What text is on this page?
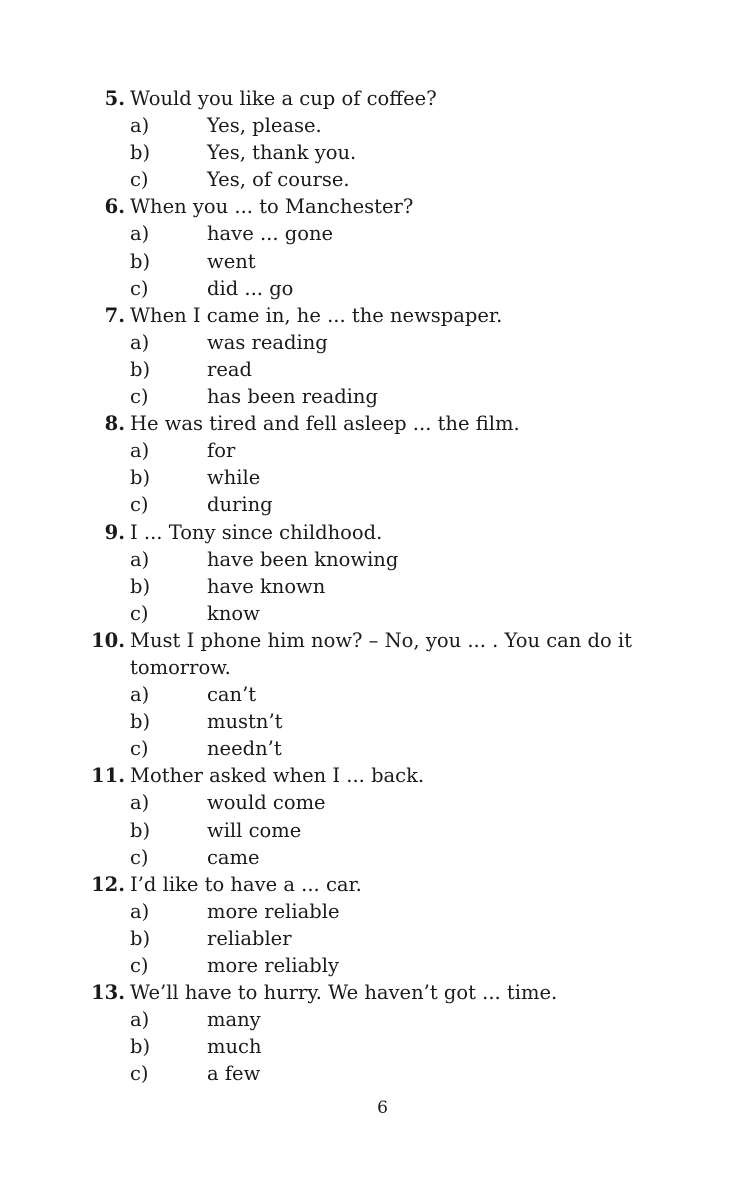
5. Would you like a cup of coffee?
a)	Yes, please.
b)	Yes, thank you.
c)	Yes, of course.
6. When you ... to Manchester?
a)	have ... gone
b)	went
c)	did ... go
7. When I came in, he ... the newspaper.
a)	was reading
b)	read
c)	has been reading
8. He was tired and fell asleep ... the film.
a)	for
b)	while
c)	during
9. I ... Tony since childhood.
a)	have been knowing
b)	have known
c)	know
10. Must I phone him now? – No, you ... . You can do it tomorrow.
a)	can’t
b)	mustn’t
c)	needn’t
11. Mother asked when I ... back.
a)	would come
b)	will come
c)	came
12. I’d like to have a ... car.
a)	more reliable
b)	reliabler
c)	more reliably
13. We’ll have to hurry. We haven’t got ... time.
a)	many
b)	much
c)	a few
6
